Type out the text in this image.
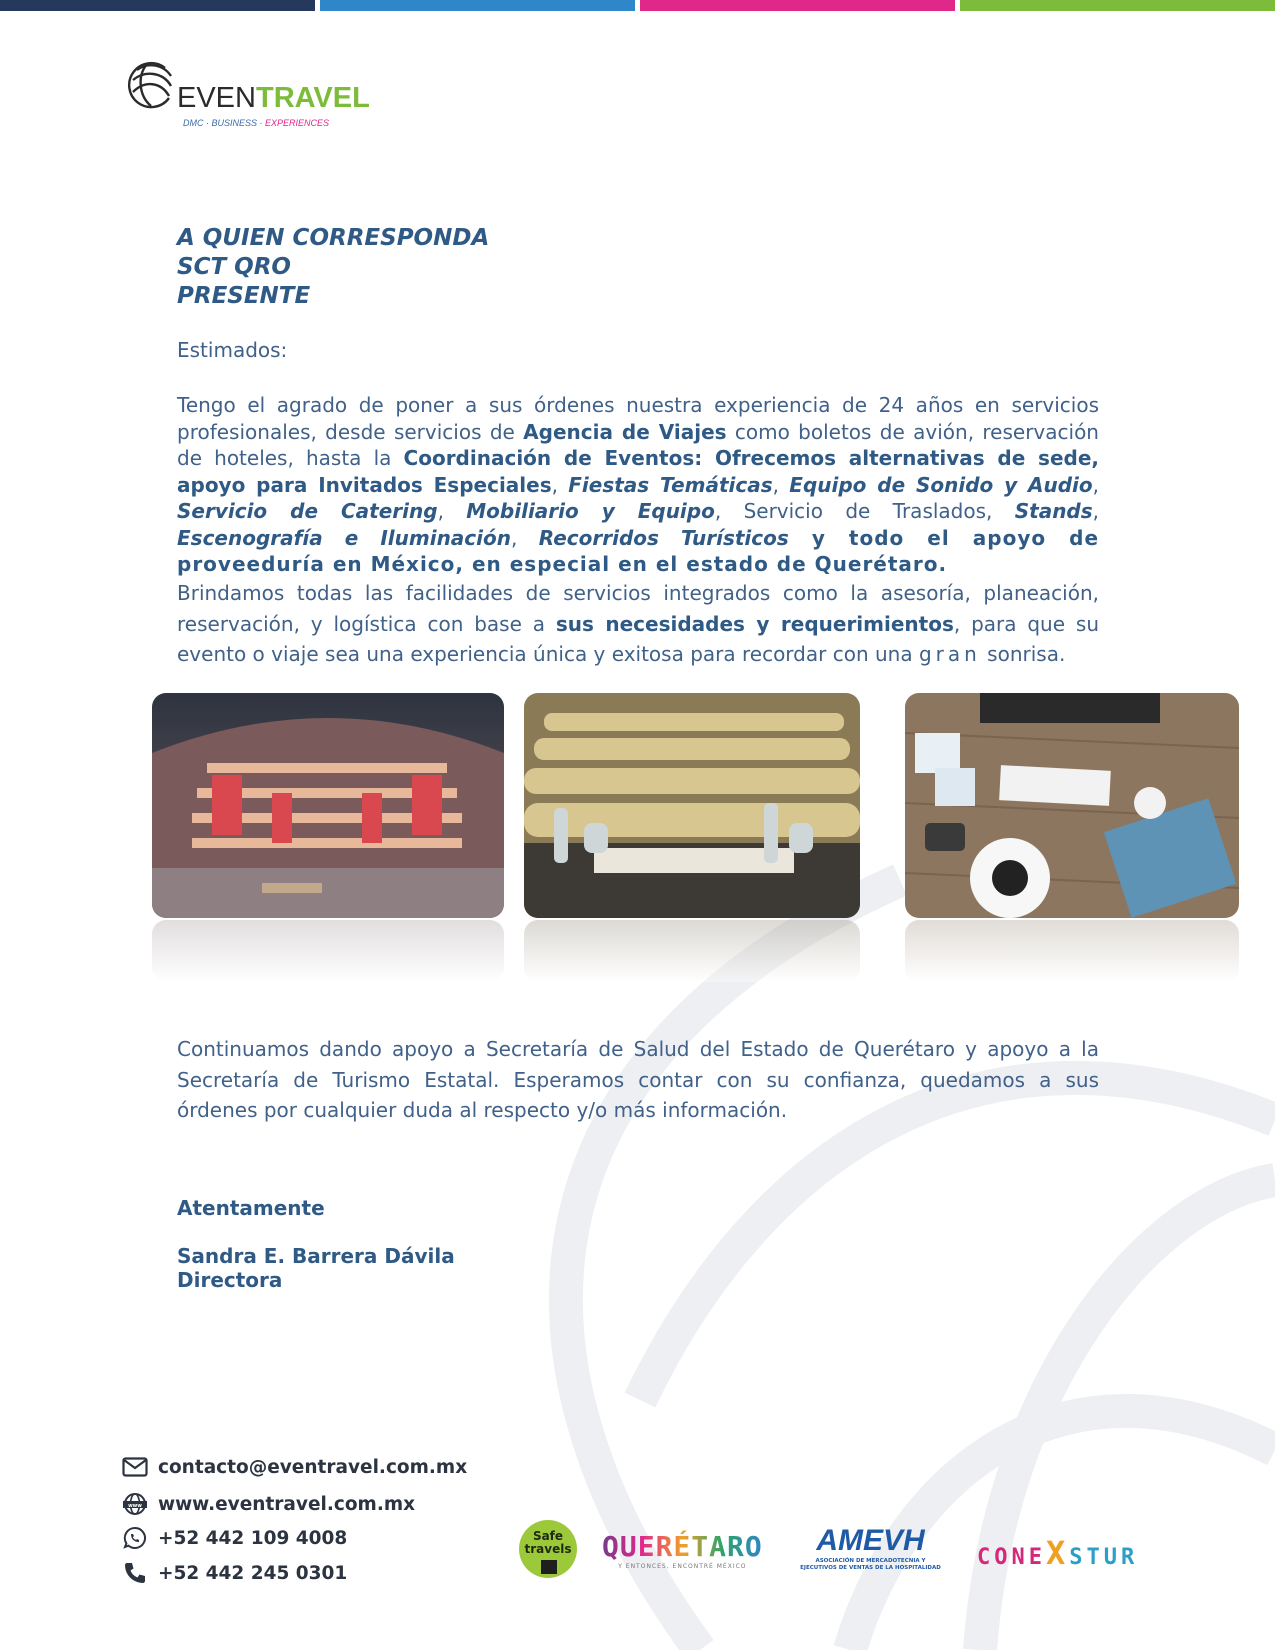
EVENTRAVEL
DMC · BUSINESS · EXPERIENCES
A QUIEN CORRESPONDA
SCT QRO
PRESENTE
Estimados:
Tengo el agrado de poner a sus órdenes nuestra experiencia de 24 años en servicios profesionales, desde servicios de Agencia de Viajes como boletos de avión, reservación de hoteles, hasta la Coordinación de Eventos: Ofrecemos alternativas de sede, apoyo para Invitados Especiales, Fiestas Temáticas, Equipo de Sonido y Audio, Servicio de Catering, Mobiliario y Equipo, Servicio de Traslados, Stands, Escenografía e Iluminación, Recorridos Turísticos y todo el apoyo de proveeduría en México, en especial en el estado de Querétaro.
Brindamos todas las facilidades de servicios integrados como la asesoría, planeación, reservación, y logística con base a sus necesidades y requerimientos, para que su evento o viaje sea una experiencia única y exitosa para recordar con una gran sonrisa.
Continuamos dando apoyo a Secretaría de Salud del Estado de Querétaro y apoyo a la Secretaría de Turismo Estatal. Esperamos contar con su confianza, quedamos a sus órdenes por cualquier duda al respecto y/o más información.
Atentamente
Sandra E. Barrera Dávila
Directora
contacto@eventravel.com.mx
www www.eventravel.com.mx
+52 442 109 4008
+52 442 245 0301
Safe
travels QUERÉTARO
Y ENTONCES, ENCONTRÉ MÉXICO
AMEVH
ASOCIACIÓN DE MERCADOTECNIA Y EJECUTIVOS DE VENTAS DE LA HOSPITALIDAD CONEXSTUR
